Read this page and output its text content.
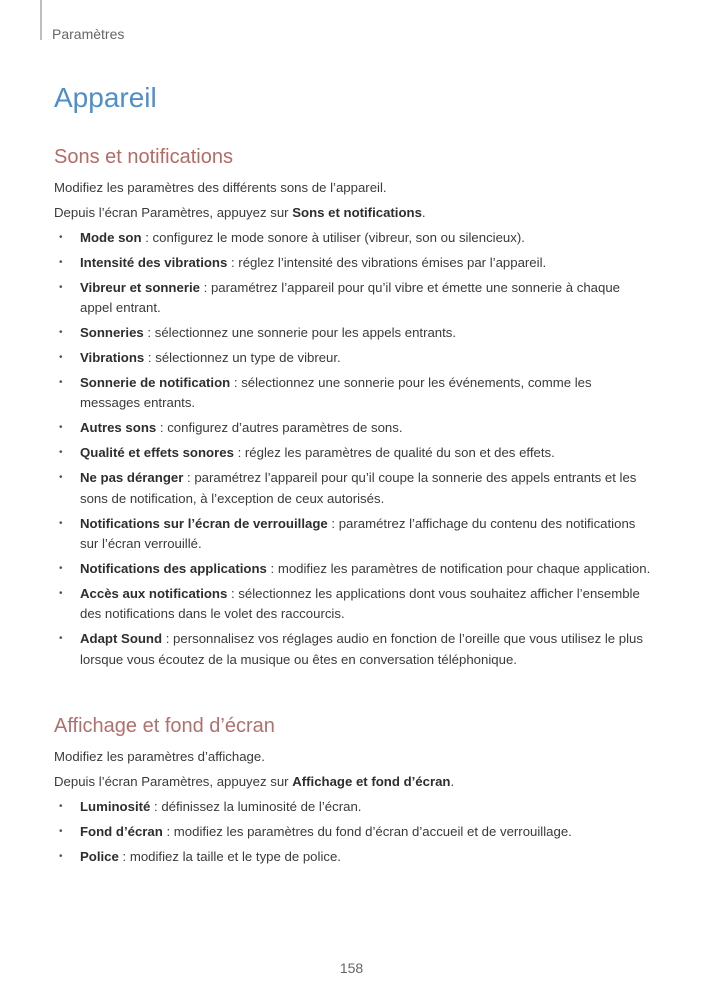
Paramètres
Appareil
Sons et notifications

Modifiez les paramètres des différents sons de l’appareil.

Depuis l’écran Paramètres, appuyez sur Sons et notifications.

• Mode son : configurez le mode sonore à utiliser (vibreur, son ou silencieux).
• Intensité des vibrations : réglez l’intensité des vibrations émises par l’appareil.
• Vibreur et sonnerie : paramétrez l’appareil pour qu’il vibre et émette une sonnerie à chaque appel entrant.
• Sonneries : sélectionnez une sonnerie pour les appels entrants.
• Vibrations : sélectionnez un type de vibreur.
• Sonnerie de notification : sélectionnez une sonnerie pour les événements, comme les messages entrants.
• Autres sons : configurez d’autres paramètres de sons.
• Qualité et effets sonores : réglez les paramètres de qualité du son et des effets.
• Ne pas déranger : paramétrez l’appareil pour qu’il coupe la sonnerie des appels entrants et les sons de notification, à l’exception de ceux autorisés.
• Notifications sur l’écran de verrouillage : paramétrez l’affichage du contenu des notifications sur l’écran verrouillé.
• Notifications des applications : modifiez les paramètres de notification pour chaque application.
• Accès aux notifications : sélectionnez les applications dont vous souhaitez afficher l’ensemble des notifications dans le volet des raccourcis.
• Adapt Sound : personnalisez vos réglages audio en fonction de l’oreille que vous utilisez le plus lorsque vous écoutez de la musique ou êtes en conversation téléphonique.
Affichage et fond d’écran

Modifiez les paramètres d’affichage.

Depuis l’écran Paramètres, appuyez sur Affichage et fond d’écran.

• Luminosité : définissez la luminosité de l’écran.
• Fond d’écran : modifiez les paramètres du fond d’écran d’accueil et de verrouillage.
• Police : modifiez la taille et le type de police.
158
